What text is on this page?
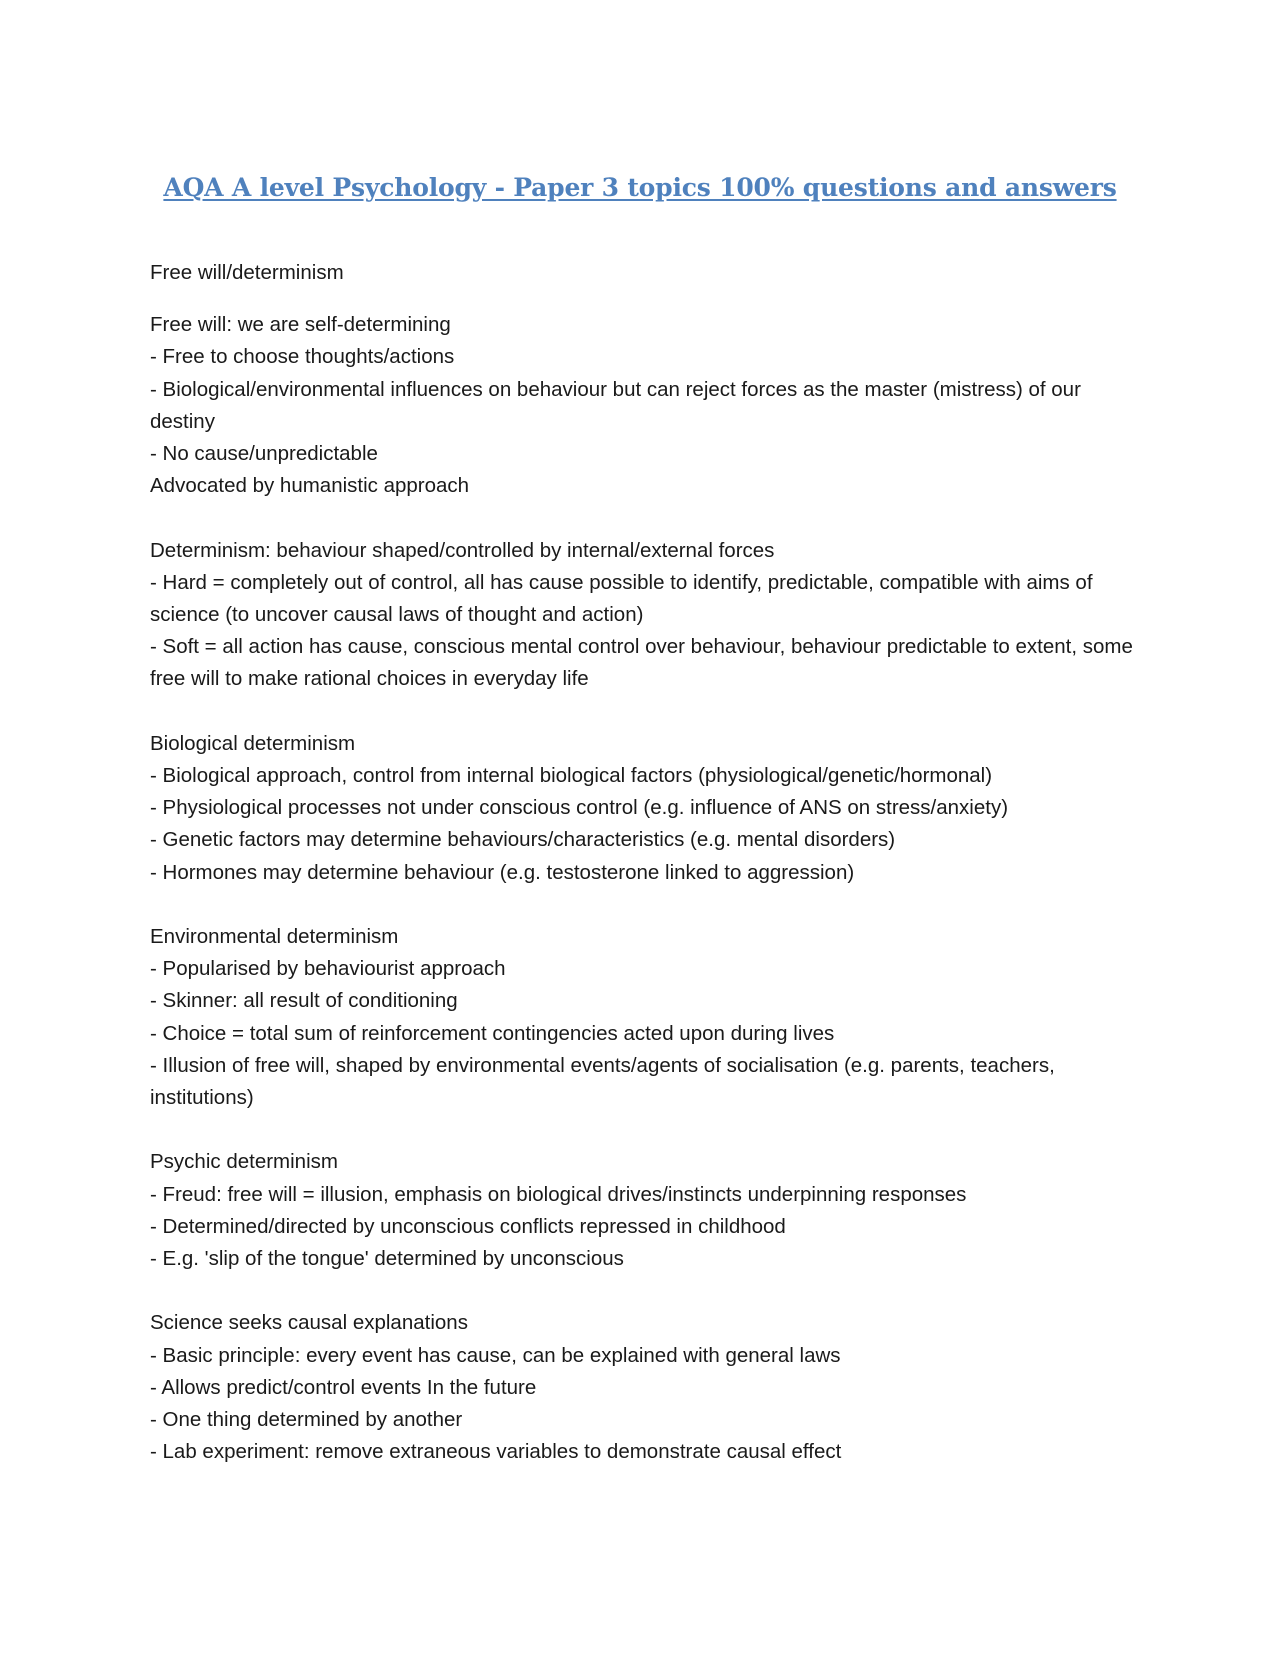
AQA A level Psychology - Paper 3 topics 100% questions and answers

Free will/determinism

Free will: we are self-determining

- Free to choose thoughts/actions

- Biological/environmental influences on behaviour but can reject forces as the master (mistress) of our destiny

- No cause/unpredictable

Advocated by humanistic approach

Determinism: behaviour shaped/controlled by internal/external forces

- Hard = completely out of control, all has cause possible to identify, predictable, compatible with aims of science (to uncover causal laws of thought and action)

- Soft = all action has cause, conscious mental control over behaviour, behaviour predictable to extent, some free will to make rational choices in everyday life

Biological determinism

- Biological approach, control from internal biological factors (physiological/genetic/hormonal)

- Physiological processes not under conscious control (e.g. influence of ANS on stress/anxiety)

- Genetic factors may determine behaviours/characteristics (e.g. mental disorders)

- Hormones may determine behaviour (e.g. testosterone linked to aggression)

Environmental determinism

- Popularised by behaviourist approach

- Skinner: all result of conditioning

- Choice = total sum of reinforcement contingencies acted upon during lives

- Illusion of free will, shaped by environmental events/agents of socialisation (e.g. parents, teachers, institutions)

Psychic determinism

- Freud: free will = illusion, emphasis on biological drives/instincts underpinning responses

- Determined/directed by unconscious conflicts repressed in childhood

- E.g. 'slip of the tongue' determined by unconscious

Science seeks causal explanations

- Basic principle: every event has cause, can be explained with general laws

- Allows predict/control events In the future

- One thing determined by another

- Lab experiment: remove extraneous variables to demonstrate causal effect
